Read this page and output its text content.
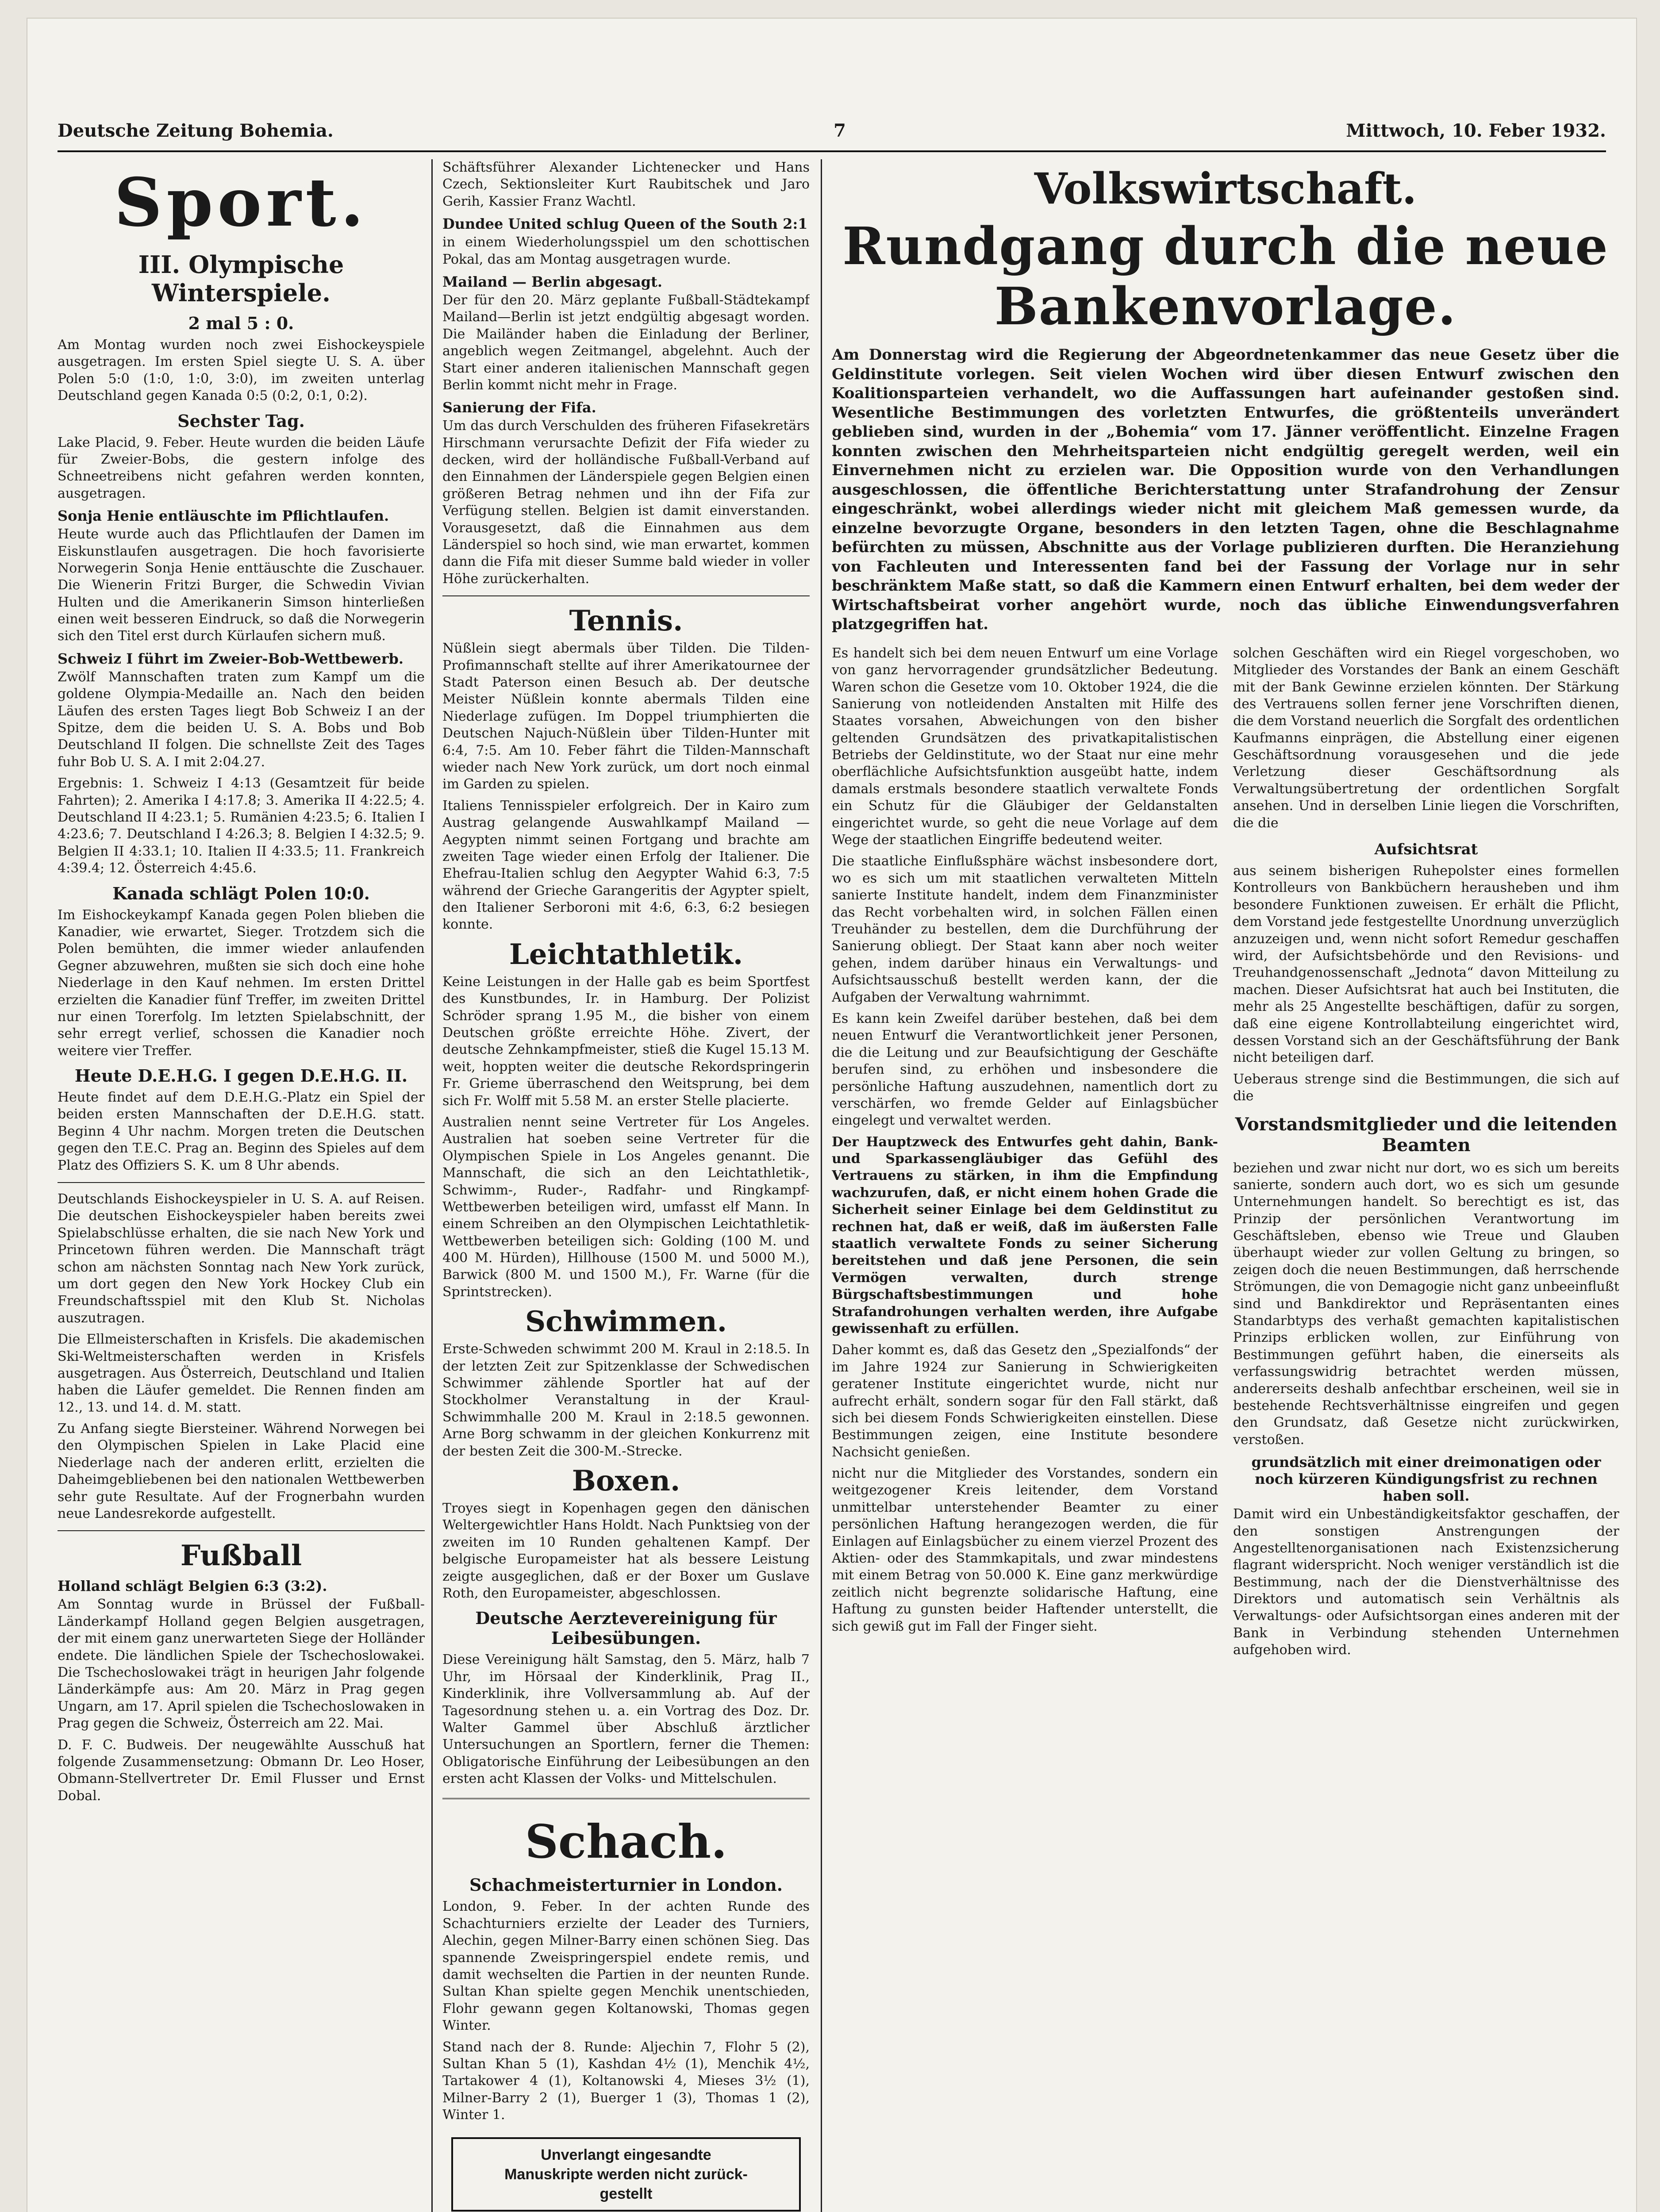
Deutsche Zeitung Bohemia.	7	Mittwoch, 10. Feber 1932.
Sport.
III. Olympische Winterspiele.
2 mal 5 : 0.

Am Montag wurden noch zwei Eishockeyspiele ausgetragen. Im ersten Spiel siegte U. S. A. über Polen 5:0 (1:0, 1:0, 3:0), im zweiten unterlag Deutschland gegen Kanada 0:5 (0:2, 0:1, 0:2).

Sechster Tag.

Lake Placid, 9. Feber. Heute wurden die beiden Läufe für Zweier-Bobs, die gestern infolge des Schneetreibens nicht gefahren werden konnten, ausgetragen.

Sonja Henie entläuschte im Pflichtlaufen.

Heute wurde auch das Pflichtlaufen der Damen im Eiskunstlaufen ausgetragen. Die hoch favorisierte Norwegerin Sonja Henie enttäuschte die Zuschauer. Die Wienerin Fritzi Burger, die Schwedin Vivian Hulten und die Amerikanerin Simson hinterließen einen weit besseren Eindruck, so daß die Norwegerin sich den Titel erst durch Kürlaufen sichern muß.

Schweiz I führt im Zweier-Bob-Wettbewerb.

Zwölf Mannschaften traten zum Kampf um die goldene Olympia-Medaille an. Nach den beiden Läufen des ersten Tages liegt Bob Schweiz I an der Spitze, dem die beiden U. S. A. Bobs und Bob Deutschland II folgen. Die schnellste Zeit des Tages fuhr Bob U. S. A. I mit 2:04.27.

Ergebnis: 1. Schweiz I 4:13 (Gesamtzeit für beide Fahrten); 2. Amerika I 4:17.8; 3. Amerika II 4:22.5; 4. Deutschland II 4:23.1; 5. Rumänien 4:23.5; 6. Italien I 4:23.6; 7. Deutschland I 4:26.3; 8. Belgien I 4:32.5; 9. Belgien II 4:33.1; 10. Italien II 4:33.5; 11. Frankreich 4:39.4; 12. Österreich 4:45.6.

Kanada schlägt Polen 10:0.

Im Eishockeykampf Kanada gegen Polen blieben die Kanadier, wie erwartet, Sieger. Trotzdem sich die Polen bemühten, die immer wieder anlaufenden Gegner abzuwehren, mußten sie sich doch eine hohe Niederlage in den Kauf nehmen. Im ersten Drittel erzielten die Kanadier fünf Treffer, im zweiten Drittel nur einen Torerfolg. Im letzten Spielabschnitt, der sehr erregt verlief, schossen die Kanadier noch weitere vier Treffer.

Heute D.E.H.G. I gegen D.E.H.G. II.

Heute findet auf dem D.E.H.G.-Platz ein Spiel der beiden ersten Mannschaften der D.E.H.G. statt. Beginn 4 Uhr nachm. Morgen treten die Deutschen gegen den T.E.C. Prag an. Beginn des Spieles auf dem Platz des Offiziers S. K. um 8 Uhr abends.

Deutschlands Eishockeyspieler in U. S. A. auf Reisen. Die deutschen Eishockeyspieler haben bereits zwei Spielabschlüsse erhalten, die sie nach New York und Princetown führen werden. Die Mannschaft trägt schon am nächsten Sonntag nach New York zurück, um dort gegen den New York Hockey Club ein Freundschaftsspiel mit den Klub St. Nicholas auszutragen.

Die Ellmeisterschaften in Krisfels. Die akademischen Ski-Weltmeisterschaften werden in Krisfels ausgetragen. Aus Österreich, Deutschland und Italien haben die Läufer gemeldet. Die Rennen finden am 12., 13. und 14. d. M. statt.

Zu Anfang siegte Biersteiner. Während Norwegen bei den Olympischen Spielen in Lake Placid eine Niederlage nach der anderen erlitt, erzielten die Daheimgebliebenen bei den nationalen Wettbewerben sehr gute Resultate. Auf der Frognerbahn wurden neue Landesrekorde aufgestellt.

Fußball
Holland schlägt Belgien 6:3 (3:2).

Am Sonntag wurde in Brüssel der Fußball-Länderkampf Holland gegen Belgien ausgetragen, der mit einem ganz unerwarteten Siege der Holländer endete. Die ländlichen Spiele der Tschechoslowakei. Die Tschechoslowakei trägt in heurigen Jahr folgende Länderkämpfe aus: Am 20. März in Prag gegen Ungarn, am 17. April spielen die Tschechoslowaken in Prag gegen die Schweiz, Österreich am 22. Mai.

D. F. C. Budweis. Der neugewählte Ausschuß hat folgende Zusammensetzung: Obmann Dr. Leo Hoser, Obmann-Stellvertreter Dr. Emil Flusser und Ernst Dobal.

Schäftsführer Alexander Lichtenecker und Hans Czech, Sektionsleiter Kurt Raubitschek und Jaro Gerih, Kassier Franz Wachtl.

Dundee United schlug Queen of the South 2:1

in einem Wiederholungsspiel um den schottischen Pokal, das am Montag ausgetragen wurde.

Mailand — Berlin abgesagt.

Der für den 20. März geplante Fußball-Städtekampf Mailand—Berlin ist jetzt endgültig abgesagt worden. Die Mailänder haben die Einladung der Berliner, angeblich wegen Zeitmangel, abgelehnt. Auch der Start einer anderen italienischen Mannschaft gegen Berlin kommt nicht mehr in Frage.

Sanierung der Fifa.

Um das durch Verschulden des früheren Fifasekretärs Hirschmann verursachte Defizit der Fifa wieder zu decken, wird der holländische Fußball-Verband auf den Einnahmen der Länderspiele gegen Belgien einen größeren Betrag nehmen und ihn der Fifa zur Verfügung stellen. Belgien ist damit einverstanden. Vorausgesetzt, daß die Einnahmen aus dem Länderspiel so hoch sind, wie man erwartet, kommen dann die Fifa mit dieser Summe bald wieder in voller Höhe zurückerhalten.

Tennis.

Nüßlein siegt abermals über Tilden. Die Tilden-Profimannschaft stellte auf ihrer Amerikatournee der Stadt Paterson einen Besuch ab. Der deutsche Meister Nüßlein konnte abermals Tilden eine Niederlage zufügen. Im Doppel triumphierten die Deutschen Najuch-Nüßlein über Tilden-Hunter mit 6:4, 7:5. Am 10. Feber fährt die Tilden-Mannschaft wieder nach New York zurück, um dort noch einmal im Garden zu spielen.

Italiens Tennisspieler erfolgreich. Der in Kairo zum Austrag gelangende Auswahlkampf Mailand — Aegypten nimmt seinen Fortgang und brachte am zweiten Tage wieder einen Erfolg der Italiener. Die Ehefrau-Italien schlug den Aegypter Wahid 6:3, 7:5 während der Grieche Garangeritis der Agypter spielt, den Italiener Serboroni mit 4:6, 6:3, 6:2 besiegen konnte.

Leichtathletik.

Keine Leistungen in der Halle gab es beim Sportfest des Kunstbundes, Ir. in Hamburg. Der Polizist Schröder sprang 1.95 M., die bisher von einem Deutschen größte erreichte Höhe. Zivert, der deutsche Zehnkampfmeister, stieß die Kugel 15.13 M. weit, hoppten weiter die deutsche Rekordspringerin Fr. Grieme überraschend den Weitsprung, bei dem sich Fr. Wolff mit 5.58 M. an erster Stelle placierte.

Australien nennt seine Vertreter für Los Angeles. Australien hat soeben seine Vertreter für die Olympischen Spiele in Los Angeles genannt. Die Mannschaft, die sich an den Leichtathletik-, Schwimm-, Ruder-, Radfahr- und Ringkampf-Wettbewerben beteiligen wird, umfasst elf Mann. In einem Schreiben an den Olympischen Leichtathletik-Wettbewerben beteiligen sich: Golding (100 M. und 400 M. Hürden), Hillhouse (1500 M. und 5000 M.), Barwick (800 M. und 1500 M.), Fr. Warne (für die Sprintstrecken).

Schwimmen.

Erste-Schweden schwimmt 200 M. Kraul in 2:18.5. In der letzten Zeit zur Spitzenklasse der Schwedischen Schwimmer zählende Sportler hat auf der Stockholmer Veranstaltung in der Kraul-Schwimmhalle 200 M. Kraul in 2:18.5 gewonnen. Arne Borg schwamm in der gleichen Konkurrenz mit der besten Zeit die 300-M.-Strecke.

Boxen.

Troyes siegt in Kopenhagen gegen den dänischen Weltergewichtler Hans Holdt. Nach Punktsieg von der zweiten im 10 Runden gehaltenen Kampf. Der belgische Europameister hat als bessere Leistung zeigte ausgeglichen, daß er der Boxer um Guslave Roth, den Europameister, abgeschlossen.

Deutsche Aerztevereinigung für Leibesübungen.

Diese Vereinigung hält Samstag, den 5. März, halb 7 Uhr, im Hörsaal der Kinderklinik, Prag II., Kinderklinik, ihre Vollversammlung ab. Auf der Tagesordnung stehen u. a. ein Vortrag des Doz. Dr. Walter Gammel über Abschluß ärztlicher Untersuchungen an Sportlern, ferner die Themen: Obligatorische Einführung der Leibesübungen an den ersten acht Klassen der Volks- und Mittelschulen.

Schach.
Schachmeisterturnier in London.

London, 9. Feber. In der achten Runde des Schachturniers erzielte der Leader des Turniers, Alechin, gegen Milner-Barry einen schönen Sieg. Das spannende Zweispringerspiel endete remis, und damit wechselten die Partien in der neunten Runde. Sultan Khan spielte gegen Menchik unentschieden, Flohr gewann gegen Koltanowski, Thomas gegen Winter.

Stand nach der 8. Runde: Aljechin 7, Flohr 5 (2), Sultan Khan 5 (1), Kashdan 4½ (1), Menchik 4½, Tartakower 4 (1), Koltanowski 4, Mieses 3½ (1), Milner-Barry 2 (1), Buerger 1 (3), Thomas 1 (2), Winter 1.

Unverlangt eingesandte
Manuskripte werden nicht zurück-
gestellt
Volkswirtschaft.
Rundgang durch die neue Bankenvorlage.
Am Donnerstag wird die Regierung der Abgeordnetenkammer das neue Gesetz über die Geldinstitute vorlegen. Seit vielen Wochen wird über diesen Entwurf zwischen den Koalitionsparteien verhandelt, wo die Auffassungen hart aufeinander gestoßen sind. Wesentliche Bestimmungen des vorletzten Entwurfes, die größtenteils unverändert geblieben sind, wurden in der „Bohemia“ vom 17. Jänner veröffentlicht. Einzelne Fragen konnten zwischen den Mehrheitsparteien nicht endgültig geregelt werden, weil ein Einvernehmen nicht zu erzielen war. Die Opposition wurde von den Verhandlungen ausgeschlossen, die öffentliche Berichterstattung unter Strafandrohung der Zensur eingeschränkt, wobei allerdings wieder nicht mit gleichem Maß gemessen wurde, da einzelne bevorzugte Organe, besonders in den letzten Tagen, ohne die Beschlagnahme befürchten zu müssen, Abschnitte aus der Vorlage publizieren durften. Die Heranziehung von Fachleuten und Interessenten fand bei der Fassung der Vorlage nur in sehr beschränktem Maße statt, so daß die Kammern einen Entwurf erhalten, bei dem weder der Wirtschaftsbeirat vorher angehört wurde, noch das übliche Einwendungsverfahren platzgegriffen hat.

Es handelt sich bei dem neuen Entwurf um eine Vorlage von ganz hervorragender grundsätzlicher Bedeutung. Waren schon die Gesetze vom 10. Oktober 1924, die die Sanierung von notleidenden Anstalten mit Hilfe des Staates vorsahen, Abweichungen von den bisher geltenden Grundsätzen des privatkapitalistischen Betriebs der Geldinstitute, wo der Staat nur eine mehr oberflächliche Aufsichtsfunktion ausgeübt hatte, indem damals erstmals besondere staatlich verwaltete Fonds ein Schutz für die Gläubiger der Geldanstalten eingerichtet wurde, so geht die neue Vorlage auf dem Wege der staatlichen Eingriffe bedeutend weiter.

Die staatliche Einflußsphäre wächst insbesondere dort, wo es sich um mit staatlichen verwalteten Mitteln sanierte Institute handelt, indem dem Finanzminister das Recht vorbehalten wird, in solchen Fällen einen Treuhänder zu bestellen, dem die Durchführung der Sanierung obliegt. Der Staat kann aber noch weiter gehen, indem darüber hinaus ein Verwaltungs- und Aufsichtsausschuß bestellt werden kann, der die Aufgaben der Verwaltung wahrnimmt.

Es kann kein Zweifel darüber bestehen, daß bei dem neuen Entwurf die Verantwortlichkeit jener Personen, die die Leitung und zur Beaufsichtigung der Geschäfte berufen sind, zu erhöhen und insbesondere die persönliche Haftung auszudehnen, namentlich dort zu verschärfen, wo fremde Gelder auf Einlagsbücher eingelegt und verwaltet werden.

Der Hauptzweck des Entwurfes geht dahin, Bank- und Sparkassengläubiger das Gefühl des Vertrauens zu stärken, in ihm die Empfindung wachzurufen, daß, er nicht einem hohen Grade die Sicherheit seiner Einlage bei dem Geldinstitut zu rechnen hat, daß er weiß, daß im äußersten Falle staatlich verwaltete Fonds zu seiner Sicherung bereitstehen und daß jene Personen, die sein Vermögen verwalten, durch strenge Bürgschaftsbestimmungen und hohe Strafandrohungen verhalten werden, ihre Aufgabe gewissenhaft zu erfüllen.

Daher kommt es, daß das Gesetz den „Spezialfonds“ der im Jahre 1924 zur Sanierung in Schwierigkeiten geratener Institute eingerichtet wurde, nicht nur aufrecht erhält, sondern sogar für den Fall stärkt, daß sich bei diesem Fonds Schwierigkeiten einstellen. Diese Bestimmungen zeigen, eine Institute besondere Nachsicht genießen.

nicht nur die Mitglieder des Vorstandes, sondern ein weitgezogener Kreis leitender, dem Vorstand unmittelbar unterstehender Beamter zu einer persönlichen Haftung herangezogen werden, die für Einlagen auf Einlagsbücher zu einem vierzel Prozent des Aktien- oder des Stammkapitals, und zwar mindestens mit einem Betrag von 50.000 K. Eine ganz merkwürdige zeitlich nicht begrenzte solidarische Haftung, eine Haftung zu gunsten beider Haftender unterstellt, die sich gewiß gut im Fall der Finger sieht.

solchen Geschäften wird ein Riegel vorgeschoben, wo Mitglieder des Vorstandes der Bank an einem Geschäft mit der Bank Gewinne erzielen könnten. Der Stärkung des Vertrauens sollen ferner jene Vorschriften dienen, die dem Vorstand neuerlich die Sorgfalt des ordentlichen Kaufmanns einprägen, die Abstellung einer eigenen Geschäftsordnung vorausgesehen und die jede Verletzung dieser Geschäftsordnung als Verwaltungsübertretung der ordentlichen Sorgfalt ansehen. Und in derselben Linie liegen die Vorschriften, die die

Aufsichtsrat

aus seinem bisherigen Ruhepolster eines formellen Kontrolleurs von Bankbüchern herausheben und ihm besondere Funktionen zuweisen. Er erhält die Pflicht, dem Vorstand jede festgestellte Unordnung unverzüglich anzuzeigen und, wenn nicht sofort Remedur geschaffen wird, der Aufsichtsbehörde und den Revisions- und Treuhandgenossenschaft „Jednota“ davon Mitteilung zu machen. Dieser Aufsichtsrat hat auch bei Instituten, die mehr als 25 Angestellte beschäftigen, dafür zu sorgen, daß eine eigene Kontrollabteilung eingerichtet wird, dessen Vorstand sich an der Geschäftsführung der Bank nicht beteiligen darf.

Ueberaus strenge sind die Bestimmungen, die sich auf die

Vorstandsmitglieder und die leitenden Beamten

beziehen und zwar nicht nur dort, wo es sich um bereits sanierte, sondern auch dort, wo es sich um gesunde Unternehmungen handelt. So berechtigt es ist, das Prinzip der persönlichen Verantwortung im Geschäftsleben, ebenso wie Treue und Glauben überhaupt wieder zur vollen Geltung zu bringen, so zeigen doch die neuen Bestimmungen, daß herrschende Strömungen, die von Demagogie nicht ganz unbeeinflußt sind und Bankdirektor und Repräsentanten eines Standarbtyps des verhaßt gemachten kapitalistischen Prinzips erblicken wollen, zur Einführung von Bestimmungen geführt haben, die einerseits als verfassungswidrig betrachtet werden müssen, andererseits deshalb anfechtbar erscheinen, weil sie in bestehende Rechtsverhältnisse eingreifen und gegen den Grundsatz, daß Gesetze nicht zurückwirken, verstoßen.

grundsätzlich mit einer dreimonatigen oder noch kürzeren Kündigungsfrist zu rechnen haben soll.

Damit wird ein Unbeständigkeitsfaktor geschaffen, der den sonstigen Anstrengungen der Angestelltenorganisationen nach Existenzsicherung flagrant widerspricht. Noch weniger verständlich ist die Bestimmung, nach der die Dienstverhältnisse des Direktors und automatisch sein Verhältnis als Verwaltungs- oder Aufsichtsorgan eines anderen mit der Bank in Verbindung stehenden Unternehmen aufgehoben wird.
